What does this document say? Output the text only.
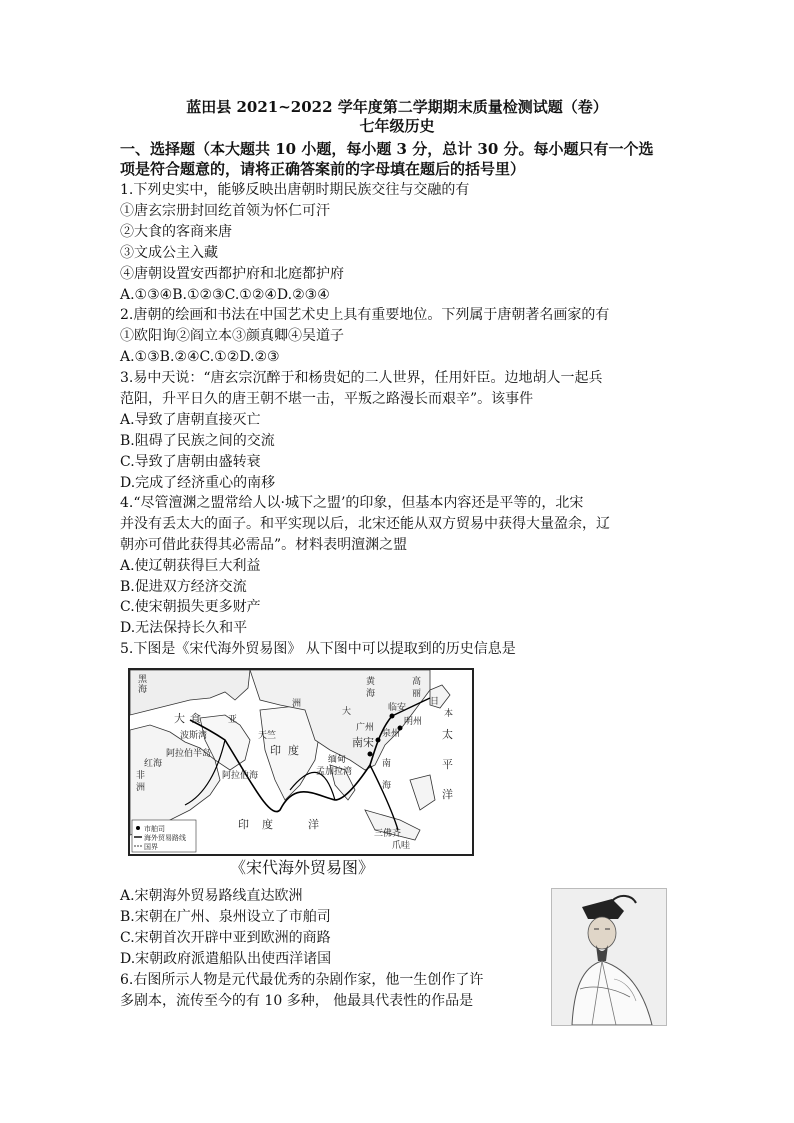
蓝田县 2021~2022 学年度第二学期期末质量检测试题（卷）
七年级历史
一、选择题（本大题共 10 小题，每小题 3 分，总计 30 分。每小题只有一个选
项是符合题意的，请将正确答案前的字母填在题后的括号里）
1.下列史实中，能够反映出唐朝时期民族交往与交融的有
①唐玄宗册封回纥首领为怀仁可汗
②大食的客商来唐
③文成公主入藏
④唐朝设置安西都护府和北庭都护府
A.①③④B.①②③C.①②④D.②③④
2.唐朝的绘画和书法在中国艺术史上具有重要地位。下列属于唐朝著名画家的有
①欧阳询②阎立本③颜真卿④吴道子
A.①③B.②④C.①②D.②③
3.易中天说：“唐玄宗沉醉于和杨贵妃的二人世界，任用奸臣。边地胡人一起兵
范阳，升平日久的唐王朝不堪一击，平叛之路漫长而艰辛”。该事件
A.导致了唐朝直接灭亡
B.阻碍了民族之间的交流
C.导致了唐朝由盛转衰
D.完成了经济重心的南移
4.“尽管澶渊之盟常给人以·城下之盟’的印象，但基本内容还是平等的，北宋
并没有丢太大的面子。和平实现以后，北宋还能从双方贸易中获得大量盈余，辽
朝亦可借此获得其必需品”。材料表明澶渊之盟
A.使辽朝获得巨大利益
B.促进双方经济交流
C.使宋朝损失更多财产
D.无法保持长久和平
5.下图是《宋代海外贸易图》 从下图中可以提取到的历史信息是
黑
海
大 食	亚
波斯湾
阿拉伯半岛
红海
非
洲
阿拉伯海
天竺
印 度
缅甸
孟加拉湾
印 度	洋
洲
大
黄
海
高
丽
日
本
临安
明州
泉州
广州
南宋
南
海
太
平
洋
三佛齐
爪哇
市舶司
海外贸易路线
国界
《宋代海外贸易图》
A.宋朝海外贸易路线直达欧洲
B.宋朝在广州、泉州设立了市舶司
C.宋朝首次开辟中亚到欧洲的商路
D.宋朝政府派遣船队出使西洋诸国
6.右图所示人物是元代最优秀的杂剧作家，他一生创作了许
多剧本，流传至今的有 10 多种， 他最具代表性的作品是
